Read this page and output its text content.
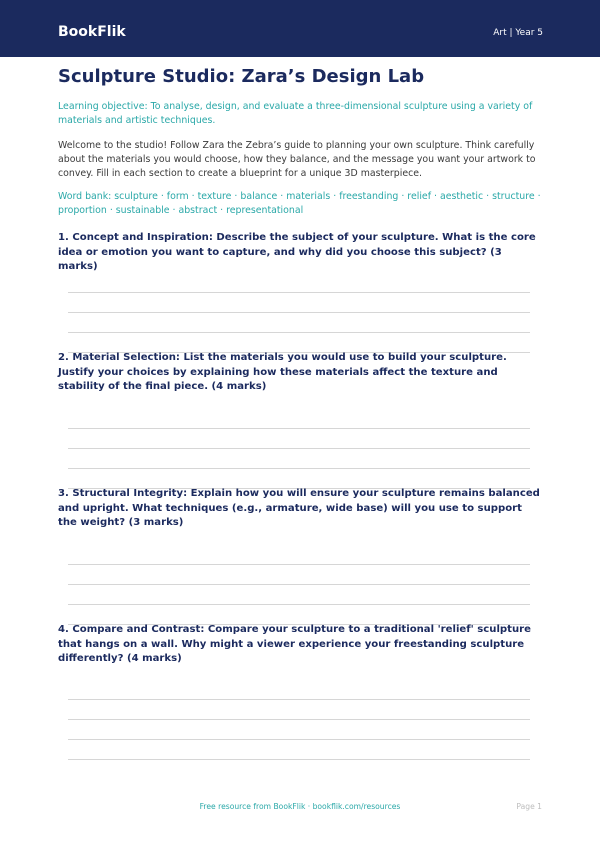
BookFlik	Art | Year 5
Sculpture Studio: Zara’s Design Lab

Learning objective: To analyse, design, and evaluate a three-dimensional sculpture using a variety of materials and artistic techniques.

Welcome to the studio! Follow Zara the Zebra’s guide to planning your own sculpture. Think carefully about the materials you would choose, how they balance, and the message you want your artwork to convey. Fill in each section to create a blueprint for a unique 3D masterpiece.

Word bank: sculpture · form · texture · balance · materials · freestanding · relief · aesthetic · structure · proportion · sustainable · abstract · representational

1. Concept and Inspiration: Describe the subject of your sculpture. What is the core idea or emotion you want to capture, and why did you choose this subject? (3 marks)

2. Material Selection: List the materials you would use to build your sculpture. Justify your choices by explaining how these materials affect the texture and stability of the final piece. (4 marks)

3. Structural Integrity: Explain how you will ensure your sculpture remains balanced and upright. What techniques (e.g., armature, wide base) will you use to support the weight? (3 marks)

4. Compare and Contrast: Compare your sculpture to a traditional 'relief' sculpture that hangs on a wall. Why might a viewer experience your freestanding sculpture differently? (4 marks)

Free resource from BookFlik · bookflik.com/resources	Page 1
